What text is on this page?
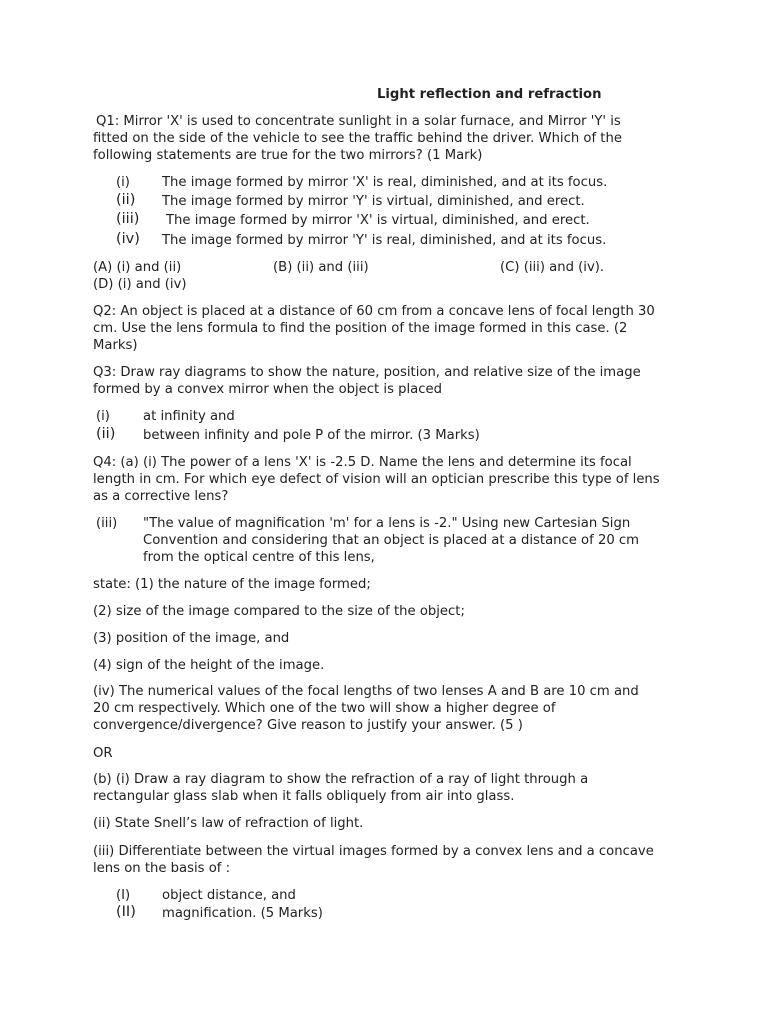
Light reflection and refraction
Q1: Mirror 'X' is used to concentrate sunlight in a solar furnace, and Mirror 'Y' is
fitted on the side of the vehicle to see the traffic behind the driver. Which of the
following statements are true for the two mirrors? (1 Mark)
(i) The image formed by mirror 'X' is real, diminished, and at its focus.
(ii) The image formed by mirror 'Y' is virtual, diminished, and erect.
(iii) The image formed by mirror 'X' is virtual, diminished, and erect.
(iv) The image formed by mirror 'Y' is real, diminished, and at its focus.
(A) (i) and (ii)	(B) (ii) and (iii)	(C) (iii) and (iv).
(D) (i) and (iv)
Q2: An object is placed at a distance of 60 cm from a concave lens of focal length 30
cm. Use the lens formula to find the position of the image formed in this case. (2
Marks)
Q3: Draw ray diagrams to show the nature, position, and relative size of the image
formed by a convex mirror when the object is placed
(i)	at infinity and
(ii) between infinity and pole P of the mirror. (3 Marks)
Q4: (a) (i) The power of a lens 'X' is -2.5 D. Name the lens and determine its focal
length in cm. For which eye defect of vision will an optician prescribe this type of lens
as a corrective lens?
(iii) "The value of magnification 'm' for a lens is -2." Using new Cartesian Sign
Convention and considering that an object is placed at a distance of 20 cm
from the optical centre of this lens,
state: (1) the nature of the image formed;
(2) size of the image compared to the size of the object;
(3) position of the image, and
(4) sign of the height of the image.
(iv) The numerical values of the focal lengths of two lenses A and B are 10 cm and
20 cm respectively. Which one of the two will show a higher degree of
convergence/divergence? Give reason to justify your answer. (5 )
OR
(b) (i) Draw a ray diagram to show the refraction of a ray of light through a
rectangular glass slab when it falls obliquely from air into glass.
(ii) State Snell’s law of refraction of light.
(iii) Differentiate between the virtual images formed by a convex lens and a concave
lens on the basis of :
(I) object distance, and
(II) magnification. (5 Marks)
